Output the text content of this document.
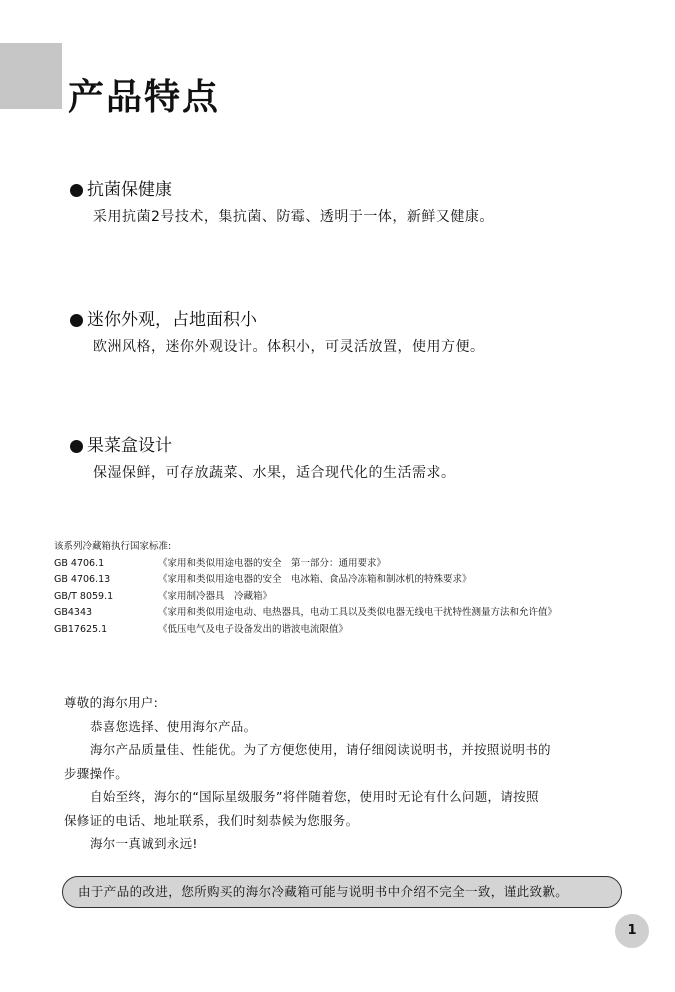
产品特点
抗菌保健康
采用抗菌2号技术，集抗菌、防霉、透明于一体，新鲜又健康。
迷你外观，占地面积小
欧洲风格，迷你外观设计。体积小，可灵活放置，使用方便。
果菜盒设计
保湿保鲜，可存放蔬菜、水果，适合现代化的生活需求。
该系列冷藏箱执行国家标准:
GB 4706.1	《家用和类似用途电器的安全　第一部分：通用要求》
GB 4706.13	《家用和类似用途电器的安全　电冰箱、食品冷冻箱和制冰机的特殊要求》
GB/T 8059.1	《家用制冷器具　冷藏箱》
GB4343	《家用和类似用途电动、电热器具，电动工具以及类似电器无线电干扰特性测量方法和允许值》
GB17625.1	《低压电气及电子设备发出的谐波电流限值》

尊敬的海尔用户:

恭喜您选择、使用海尔产品。

海尔产品质量佳、性能优。为了方便您使用，请仔细阅读说明书，并按照说明书的

步骤操作。

自始至终，海尔的“国际星级服务”将伴随着您，使用时无论有什么问题，请按照

保修证的电话、地址联系，我们时刻恭候为您服务。

海尔一真诚到永远!

由于产品的改进，您所购买的海尔冷藏箱可能与说明书中介绍不完全一致，谨此致歉。
1
